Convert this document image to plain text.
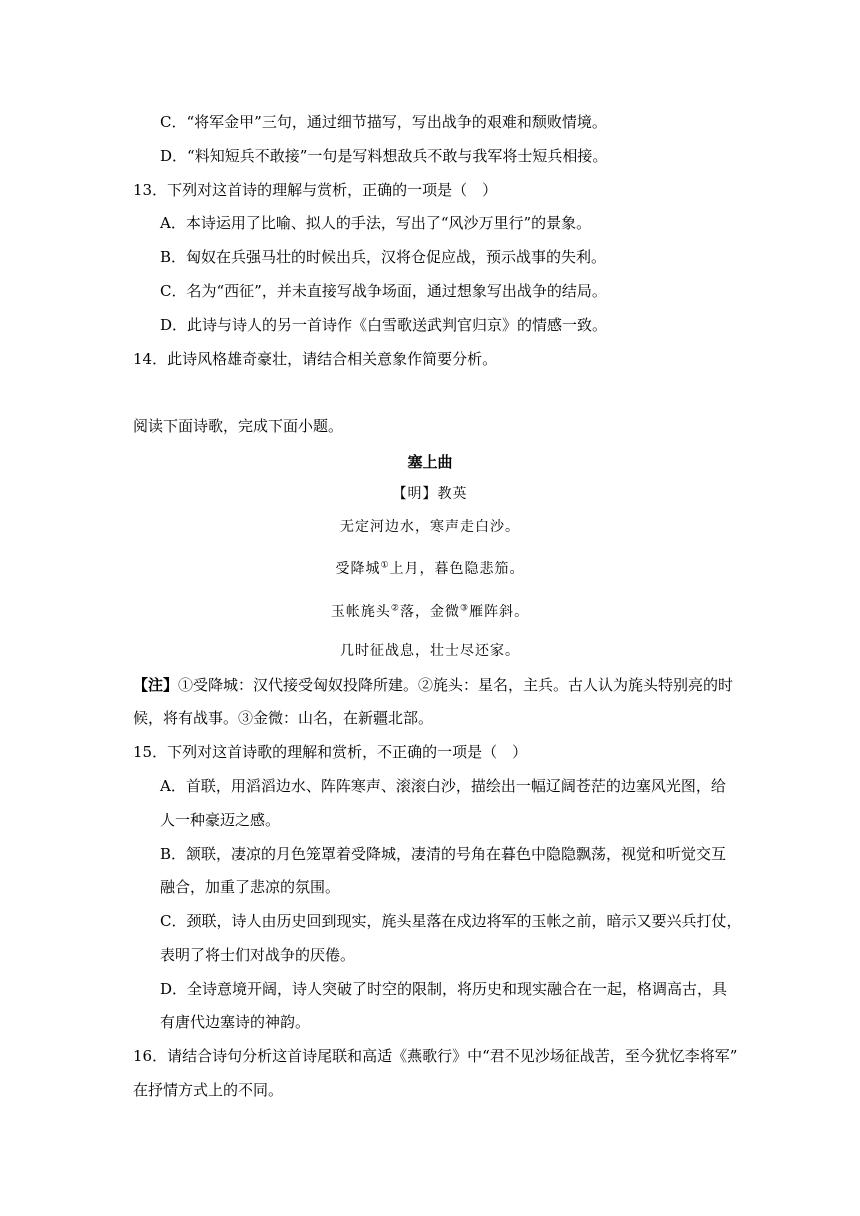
C．“将军金甲”三句，通过细节描写，写出战争的艰难和颓败情境。
D．“料知短兵不敢接”一句是写料想敌兵不敢与我军将士短兵相接。
13．下列对这首诗的理解与赏析，正确的一项是（　）
A．本诗运用了比喻、拟人的手法，写出了“风沙万里行”的景象。
B．匈奴在兵强马壮的时候出兵，汉将仓促应战，预示战事的失利。
C．名为“西征”，并未直接写战争场面，通过想象写出战争的结局。
D．此诗与诗人的另一首诗作《白雪歌送武判官归京》的情感一致。
14．此诗风格雄奇豪壮，请结合相关意象作简要分析。
阅读下面诗歌，完成下面小题。
塞上曲
【明】教英
无定河边水，寒声走白沙。
受降城①上月，暮色隐悲笳。
玉帐旄头②落，金微③雁阵斜。
几时征战息，壮士尽还家。
【注】①受降城：汉代接受匈奴投降所建。②旄头：星名，主兵。古人认为旄头特别亮的时
候，将有战事。③金微：山名，在新疆北部。
15．下列对这首诗歌的理解和赏析，不正确的一项是（　）
A．首联，用滔滔边水、阵阵寒声、滚滚白沙，描绘出一幅辽阔苍茫的边塞风光图，给
人一种豪迈之感。
B．颔联，凄凉的月色笼罩着受降城，凄清的号角在暮色中隐隐飘荡，视觉和听觉交互
融合，加重了悲凉的氛围。
C．颈联，诗人由历史回到现实，旄头星落在戍边将军的玉帐之前，暗示又要兴兵打仗，
表明了将士们对战争的厌倦。
D．全诗意境开阔，诗人突破了时空的限制，将历史和现实融合在一起，格调高古，具
有唐代边塞诗的神韵。
16．请结合诗句分析这首诗尾联和高适《燕歌行》中“君不见沙场征战苦，至今犹忆李将军”
在抒情方式上的不同。
